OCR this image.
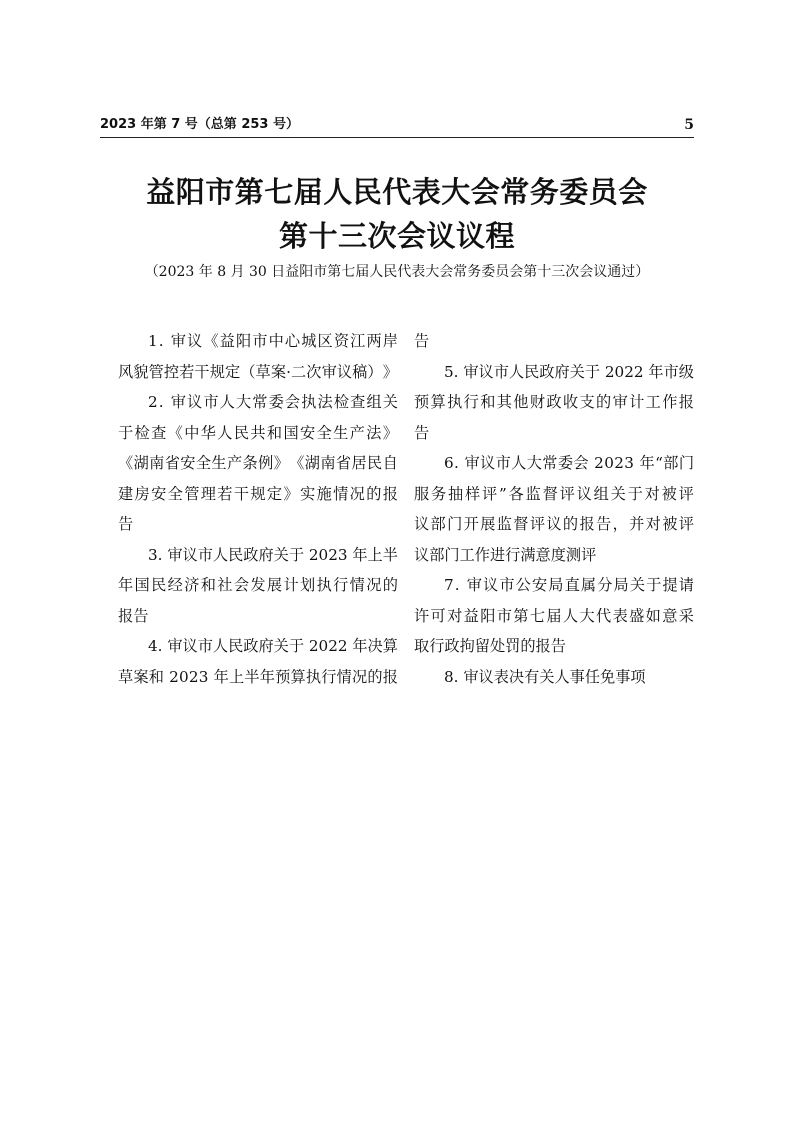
2023 年第 7 号（总第 253 号）	5
益阳市第七届人民代表大会常务委员会
第十三次会议议程

（2023 年 8 月 30 日益阳市第七届人民代表大会常务委员会第十三次会议通过）

1 .
审 议 《 益 阳 市 中 心 城 区 资 江 两 岸
风 貌 管 控 若 干 规 定 （ 草 案 · 二 次 审 议 稿 ） 》
2 .
审 议 市 人 大 常 委 会 执 法 检 查 组 关
于 检 查 《 中 华 人 民 共 和 国 安 全 生 产 法 》
《 湖 南 省 安 全 生 产 条 例 》 《 湖 南 省 居 民 自
建 房 安 全 管 理 若 干 规 定 》 实 施 情 况 的 报
告
3 .
审 议 市 人 民 政 府 关 于
2 0 2 3
年 上 半
年 国 民 经 济 和 社 会 发 展 计 划 执 行 情 况 的
报告
4 .
审 议 市 人 民 政 府 关 于
2 0 2 2
年 决 算
草 案 和
2 0 2 3
年 上 半 年 预 算 执 行 情 况 的 报
告
5 .
审 议 市 人 民 政 府 关 于
2 0 2 2
年 市 级
预 算 执 行 和 其 他 财 政 收 支 的 审 计 工 作 报
告
6 .
审 议 市 人 大 常 委 会
2 0 2 3
年 “ 部 门
服 务 抽 样 评 ” 各 监 督 评 议 组 关 于 对 被 评
议 部 门 开 展 监 督 评 议 的 报 告 ， 并 对 被 评
议部门工作进行满意度测评
7 .
审 议 市 公 安 局 直 属 分 局 关 于 提 请
许 可 对 益 阳 市 第 七 届 人 大 代 表 盛 如 意 采
取行政拘留处罚的报告
8. 审议表决有关人事任免事项
